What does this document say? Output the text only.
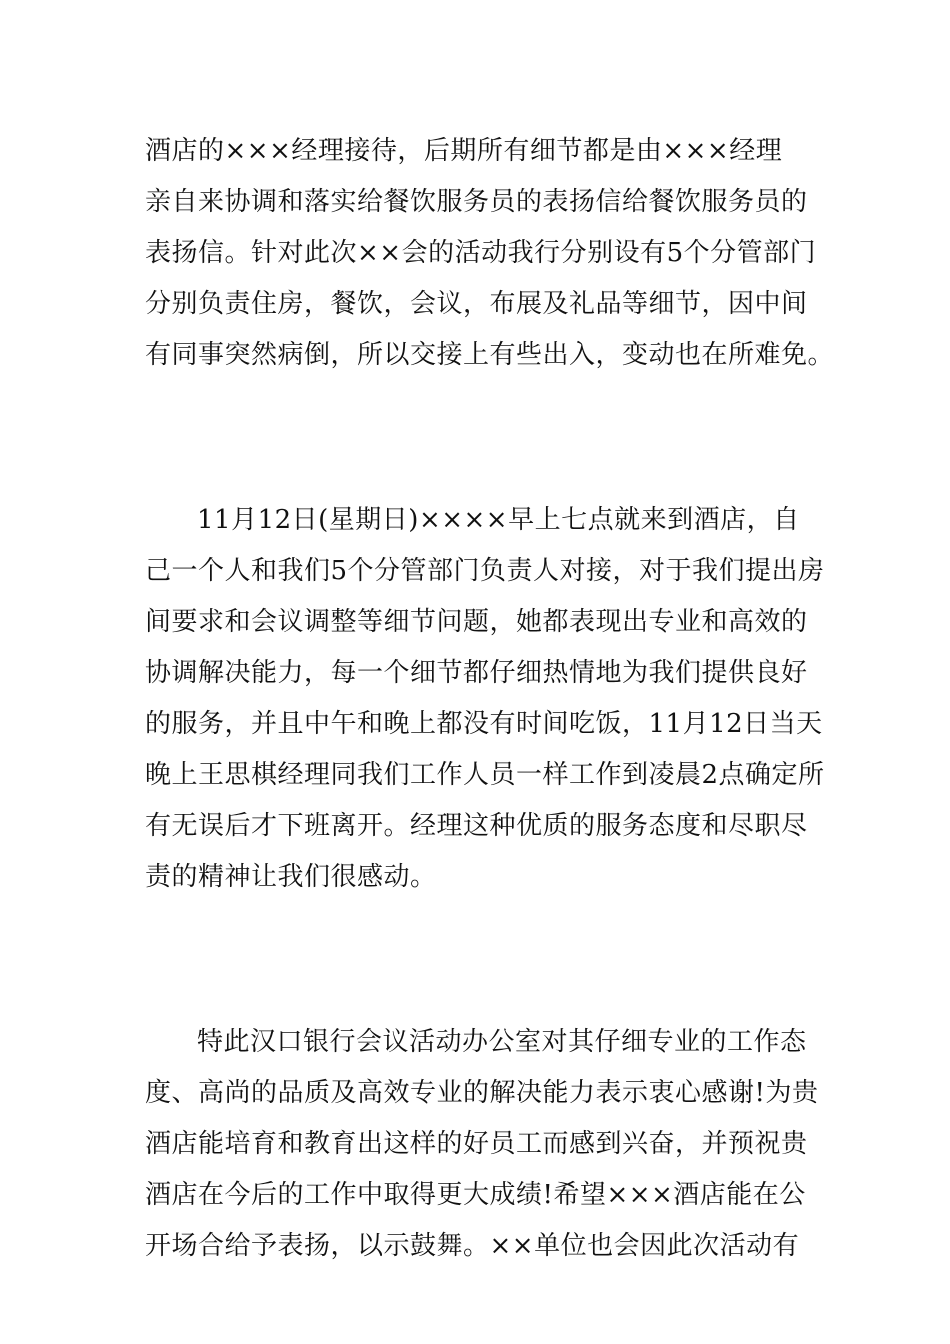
酒店的×××经理接待，后期所有细节都是由×××经理
亲自来协调和落实给餐饮服务员的表扬信给餐饮服务员的
表扬信。针对此次××会的活动我行分别设有5个分管部门
分别负责住房，餐饮，会议，布展及礼品等细节，因中间
有同事突然病倒，所以交接上有些出入，变动也在所难免。
11月12日(星期日)××××早上七点就来到酒店，自
己一个人和我们5个分管部门负责人对接，对于我们提出房
间要求和会议调整等细节问题，她都表现出专业和高效的
协调解决能力，每一个细节都仔细热情地为我们提供良好
的服务，并且中午和晚上都没有时间吃饭，11月12日当天
晚上王思棋经理同我们工作人员一样工作到凌晨2点确定所
有无误后才下班离开。经理这种优质的服务态度和尽职尽
责的精神让我们很感动。
特此汉口银行会议活动办公室对其仔细专业的工作态
度、高尚的品质及高效专业的解决能力表示衷心感谢!为贵
酒店能培育和教育出这样的好员工而感到兴奋，并预祝贵
酒店在今后的工作中取得更大成绩!希望×××酒店能在公
开场合给予表扬，以示鼓舞。××单位也会因此次活动有
